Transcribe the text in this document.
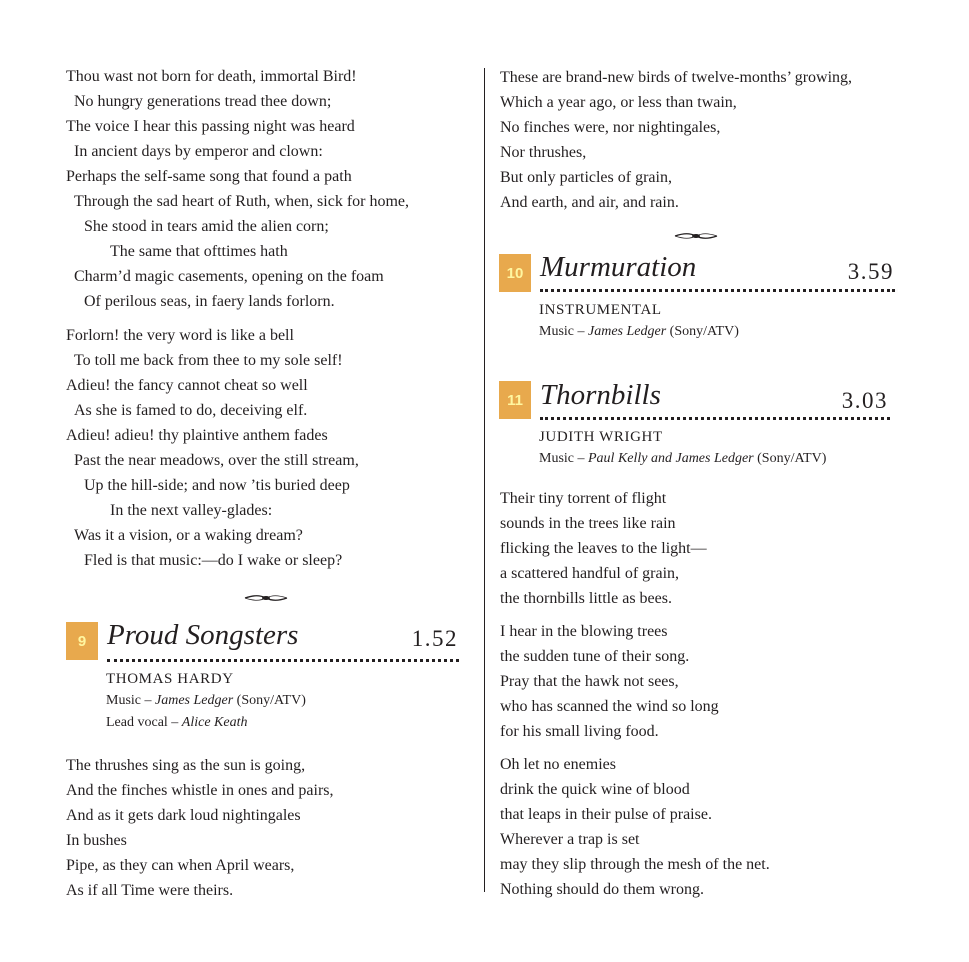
Thou wast not born for death, immortal Bird!
No hungry generations tread thee down;
The voice I hear this passing night was heard
In ancient days by emperor and clown:
Perhaps the self-same song that found a path
Through the sad heart of Ruth, when, sick for home,
She stood in tears amid the alien corn;
The same that ofttimes hath
Charm’d magic casements, opening on the foam
Of perilous seas, in faery lands forlorn.
Forlorn! the very word is like a bell
To toll me back from thee to my sole self!
Adieu! the fancy cannot cheat so well
As she is famed to do, deceiving elf.
Adieu! adieu! thy plaintive anthem fades
Past the near meadows, over the still stream,
Up the hill-side; and now ’tis buried deep
In the next valley-glades:
Was it a vision, or a waking dream?
Fled is that music:—do I wake or sleep?
9 Proud Songsters	1.52
THOMAS HARDY
Music – James Ledger (Sony/ATV)
Lead vocal – Alice Keath
The thrushes sing as the sun is going,
And the finches whistle in ones and pairs,
And as it gets dark loud nightingales
In bushes
Pipe, as they can when April wears,
As if all Time were theirs.
These are brand-new birds of twelve-months’ growing,
Which a year ago, or less than twain,
No finches were, nor nightingales,
Nor thrushes,
But only particles of grain,
And earth, and air, and rain.
10 Murmuration	3.59
INSTRUMENTAL
Music – James Ledger (Sony/ATV)
11 Thornbills	3.03
JUDITH WRIGHT
Music – Paul Kelly and James Ledger (Sony/ATV)
Their tiny torrent of flight
sounds in the trees like rain
flicking the leaves to the light—
a scattered handful of grain,
the thornbills little as bees.
I hear in the blowing trees
the sudden tune of their song.
Pray that the hawk not sees,
who has scanned the wind so long
for his small living food.
Oh let no enemies
drink the quick wine of blood
that leaps in their pulse of praise.
Wherever a trap is set
may they slip through the mesh of the net.
Nothing should do them wrong.
